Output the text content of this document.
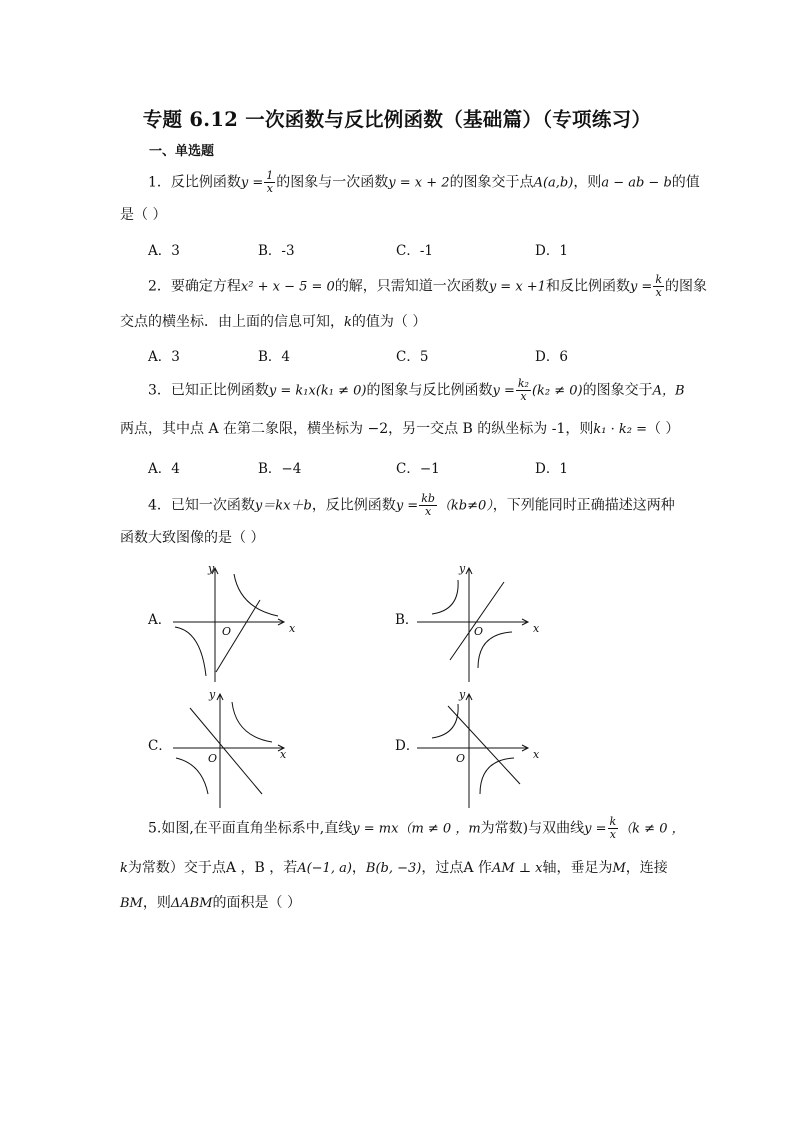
专题 6.12 一次函数与反比例函数（基础篇）（专项练习）
一、单选题
1．反比例函数$y = \frac{1}{x}$ 的图象与一次函数y = x + 2的图象交于点A(a,b)，则a − ab − b的值
是（ ）
A．3	B．-3	C．-1	D．1
2．要确定方程x² + x − 5 = 0的解，只需知道一次函数y = x +1和反比例函数$y = \frac{k}{x}$ 的图象
交点的横坐标．由上面的信息可知，k的值为（ ）
A．3	B．4	C．5	D．6
3．已知正比例函数y = k₁x(k₁ ≠ 0)的图象与反比例函数$y = \frac{\text{k₂}}{x} (k_2 \ne 0)$的图象交于A，B
两点，其中点 A 在第二象限，横坐标为 −2，另一交点 B 的纵坐标为 -1，则k₁ · k₂ =（ ）
A．4	B．−4	C．−1	D．1
4．已知一次函数y＝kx＋b，反比例函数$y = \frac{kb}{x} (kb\ne 0)$，下列能同时正确描述这两种
函数大致图像的是（ ）
A．
x
y
O
B．
x
y
O
C．
x
y
O
D．
x
y
O
5.如图,在平面直角坐标系中,直线y = mx（m ≠ 0 ，m为常数)与双曲线$y = \frac{k}{x} (k \ne 0$ ，
k为常数）交于点A ，B ，若A(−1, a)，B(b, −3)，过点A 作AM ⊥ x轴，垂足为M，连接
BM，则ΔABM的面积是（ ）
